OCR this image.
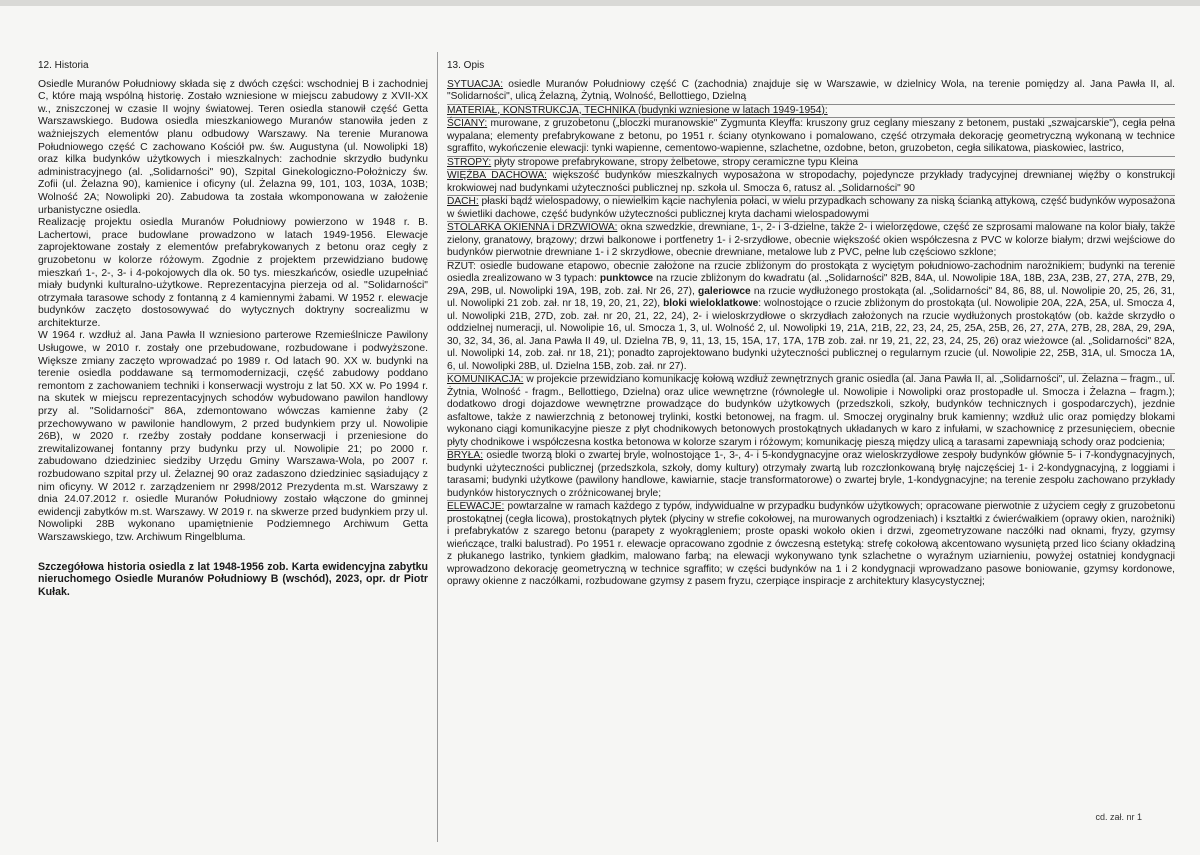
12. Historia

Osiedle Muranów Południowy składa się z dwóch części: wschodniej B i zachodniej C, które mają wspólną historię. Zostało wzniesione w miejscu zabudowy z XVII-XX w., zniszczonej w czasie II wojny światowej. Teren osiedla stanowił część Getta Warszawskiego. Budowa osiedla mieszkaniowego Muranów stanowiła jeden z ważniejszych elementów planu odbudowy Warszawy. Na terenie Muranowa Południowego część C zachowano Kościół pw. św. Augustyna (ul. Nowolipki 18) oraz kilka budynków użytkowych i mieszkalnych: zachodnie skrzydło budynku administracyjnego (al. „Solidarności" 90), Szpital Ginekologiczno-Położniczy św. Zofii (ul. Żelazna 90), kamienice i oficyny (ul. Żelazna 99, 101, 103, 103A, 103B; Wolność 2A; Nowolipki 20). Zabudowa ta została wkomponowana w założenie urbanistyczne osiedla.

Realizację projektu osiedla Muranów Południowy powierzono w 1948 r. B. Lachertowi, prace budowlane prowadzono w latach 1949-1956. Elewacje zaprojektowane zostały z elementów prefabrykowanych z betonu oraz cegły z gruzobetonu w kolorze różowym. Zgodnie z projektem przewidziano budowę mieszkań 1-, 2-, 3- i 4-pokojowych dla ok. 50 tys. mieszkańców, osiedle uzupełniać miały budynki kulturalno-użytkowe. Reprezentacyjna pierzeja od al. "Solidarności" otrzymała tarasowe schody z fontanną z 4 kamiennymi żabami. W 1952 r. elewacje budynków zaczęto dostosowywać do wytycznych doktryny socrealizmu w architekturze.

W 1964 r. wzdłuż al. Jana Pawła II wzniesiono parterowe Rzemieślnicze Pawilony Usługowe, w 2010 r. zostały one przebudowane, rozbudowane i podwyższone. Większe zmiany zaczęto wprowadzać po 1989 r. Od latach 90. XX w. budynki na terenie osiedla poddawane są termomodernizacji, część zabudowy poddano remontom z zachowaniem techniki i konserwacji wystroju z lat 50. XX w. Po 1994 r. na skutek w miejscu reprezentacyjnych schodów wybudowano pawilon handlowy przy al. "Solidarności" 86A, zdemontowano wówczas kamienne żaby (2 przechowywano w pawilonie handlowym, 2 przed budynkiem przy ul. Nowolipie 26B), w 2020 r. rzeźby zostały poddane konserwacji i przeniesione do zrewitalizowanej fontanny przy budynku przy ul. Nowolipie 21; po 2000 r. zabudowano dziedziniec siedziby Urzędu Gminy Warszawa-Wola, po 2007 r. rozbudowano szpital przy ul. Żelaznej 90 oraz zadaszono dziedziniec sąsiadujący z nim oficyny. W 2012 r. zarządzeniem nr 2998/2012 Prezydenta m.st. Warszawy z dnia 24.07.2012 r. osiedle Muranów Południowy zostało włączone do gminnej ewidencji zabytków m.st. Warszawy. W 2019 r. na skwerze przed budynkiem przy ul. Nowolipki 28B wykonano upamiętnienie Podziemnego Archiwum Getta Warszawskiego, tzw. Archiwum Ringelbluma.

Szczegółowa historia osiedla z lat 1948-1956 zob. Karta ewidencyjna zabytku nieruchomego Osiedle Muranów Południowy B (wschód), 2023, opr. dr Piotr Kułak.

13. Opis
SYTUACJA: osiedle Muranów Południowy część C (zachodnia) znajduje się w Warszawie, w dzielnicy Wola, na terenie pomiędzy al. Jana Pawła II, al. "Solidarności", ulicą Żelazną, Żytnią, Wolność, Bellottiego, Dzielną
MATERIAŁ, KONSTRUKCJA, TECHNIKA (budynki wzniesione w latach 1949-1954):
ŚCIANY: murowane, z gruzobetonu („bloczki muranowskie" Zygmunta Kleyffa: kruszony gruz ceglany mieszany z betonem, pustaki „szwajcarskie"), cegła pełna wypalana; elementy prefabrykowane z betonu, po 1951 r. ściany otynkowano i pomalowano, część otrzymała dekorację geometryczną wykonaną w technice sgraffito, wykończenie elewacji: tynki wapienne, cementowo-wapienne, szlachetne, ozdobne, beton, gruzobeton, cegła silikatowa, piaskowiec, lastrico,
STROPY: płyty stropowe prefabrykowane, stropy żelbetowe, stropy ceramiczne typu Kleina
WIĘŹBA DACHOWA: większość budynków mieszkalnych wyposażona w stropodachy, pojedyncze przykłady tradycyjnej drewnianej więźby o konstrukcji krokwiowej nad budynkami użyteczności publicznej np. szkoła ul. Smocza 6, ratusz al. „Solidarności" 90
DACH: płaski bądź wielospadowy, o niewielkim kącie nachylenia połaci, w wielu przypadkach schowany za niską ścianką attykową, część budynków wyposażona w świetliki dachowe, część budynków użyteczności publicznej kryta dachami wielospadowymi
STOLARKA OKIENNA i DRZWIOWA: okna szwedzkie, drewniane, 1-, 2- i 3-dzielne, także 2- i wielorzędowe, część ze szprosami malowane na kolor biały, także zielony, granatowy, brązowy; drzwi balkonowe i portfenetry 1- i 2-srzydłowe, obecnie większość okien współczesna z PVC w kolorze białym; drzwi wejściowe do budynków pierwotnie drewniane 1- i 2 skrzydłowe, obecnie drewniane, metalowe lub z PVC, pełne lub częściowo szklone;
RZUT: osiedle budowane etapowo, obecnie założone na rzucie zbliżonym do prostokąta z wyciętym południowo-zachodnim narożnikiem; budynki na terenie osiedla zrealizowano w 3 typach: punktowce na rzucie zbliżonym do kwadratu (al. „Solidarności" 82B, 84A, ul. Nowolipie 18A, 18B, 23A, 23B, 27, 27A, 27B, 29, 29A, 29B, ul. Nowolipki 19A, 19B, zob. zał. Nr 26, 27), galeriowce na rzucie wydłużonego prostokąta (al. „Solidarności" 84, 86, 88, ul. Nowolipie 20, 25, 26, 31, ul. Nowolipki 21 zob. zał. nr 18, 19, 20, 21, 22), bloki wieloklatkowe: wolnostojące o rzucie zbliżonym do prostokąta (ul. Nowolipie 20A, 22A, 25A, ul. Smocza 4, ul. Nowolipki 21B, 27D, zob. zał. nr 20, 21, 22, 24), 2- i wieloskrzydłowe o skrzydłach założonych na rzucie wydłużonych prostokątów (ob. każde skrzydło o oddzielnej numeracji, ul. Nowolipie 16, ul. Smocza 1, 3, ul. Wolność 2, ul. Nowolipki 19, 21A, 21B, 22, 23, 24, 25, 25A, 25B, 26, 27, 27A, 27B, 28, 28A, 29, 29A, 30, 32, 34, 36, al. Jana Pawła II 49, ul. Dzielna 7B, 9, 11, 13, 15, 15A, 17, 17A, 17B zob. zał. nr 19, 21, 22, 23, 24, 25, 26) oraz wieżowce (al. „Solidarności" 82A, ul. Nowolipki 14, zob. zał. nr 18, 21); ponadto zaprojektowano budynki użyteczności publicznej o regularnym rzucie (ul. Nowolipie 22, 25B, 31A, ul. Smocza 1A, 6, ul. Nowolipki 28B, ul. Dzielna 15B, zob. zał. nr 27).
KOMUNIKACJA: w projekcie przewidziano komunikację kołową wzdłuż zewnętrznych granic osiedla (al. Jana Pawła II, al. „Solidarności", ul. Żelazna – fragm., ul. Żytnia, Wolność - fragm., Bellottiego, Dzielna) oraz ulice wewnętrzne (równoległe ul. Nowolipie i Nowolipki oraz prostopadłe ul. Smocza i Żelazna – fragm.); dodatkowo drogi dojazdowe wewnętrzne prowadzące do budynków użytkowych (przedszkoli, szkoły, budynków technicznych i gospodarczych), jezdnie asfaltowe, także z nawierzchnią z betonowej trylinki, kostki betonowej, na fragm. ul. Smoczej oryginalny bruk kamienny; wzdłuż ulic oraz pomiędzy blokami wykonano ciągi komunikacyjne piesze z płyt chodnikowych betonowych prostokątnych układanych w karo z infułami, w szachownicę z przesunięciem, obecnie płyty chodnikowe i współczesna kostka betonowa w kolorze szarym i różowym; komunikację pieszą między ulicą a tarasami zapewniają schody oraz podcienia;
BRYŁA: osiedle tworzą bloki o zwartej bryle, wolnostojące 1-, 3-, 4- i 5-kondygnacyjne oraz wieloskrzydłowe zespoły budynków głównie 5- i 7-kondygnacyjnych, budynki użyteczności publicznej (przedszkola, szkoły, domy kultury) otrzymały zwartą lub rozczłonkowaną bryłę najczęściej 1- i 2-kondygnacyjną, z loggiami i tarasami; budynki użytkowe (pawilony handlowe, kawiarnie, stacje transformatorowe) o zwartej bryle, 1-kondygnacyjne; na terenie zespołu zachowano przykłady budynków historycznych o zróżnicowanej bryle;
ELEWACJE: powtarzalne w ramach każdego z typów, indywidualne w przypadku budynków użytkowych; opracowane pierwotnie z użyciem cegły z gruzobetonu prostokątnej (cegła licowa), prostokątnych płytek (płyciny w strefie cokołowej, na murowanych ogrodzeniach) i kształtki z ćwierćwałkiem (oprawy okien, narożniki) i prefabrykatów z szarego betonu (parapety z wyokrągleniem; proste opaski wokoło okien i drzwi, zgeometryzowane naczółki nad oknami, fryzy, gzymsy wieńczące, tralki balustrad). Po 1951 r. elewacje opracowano zgodnie z ówczesną estetyką: strefę cokołową akcentowano wysuniętą przed lico ściany okładziną z płukanego lastriko, tynkiem gładkim, malowano farbą; na elewacji wykonywano tynk szlachetne o wyraźnym uziarnieniu, powyżej ostatniej kondygnacji wprowadzono dekorację geometryczną w technice sgraffito; w części budynków na 1 i 2 kondygnacji wprowadzano pasowe boniowanie, gzymsy kordonowe, oprawy okienne z naczółkami, rozbudowane gzymsy z pasem fryzu, czerpiące inspiracje z architektury klasycystycznej;
cd. zał. nr 1
